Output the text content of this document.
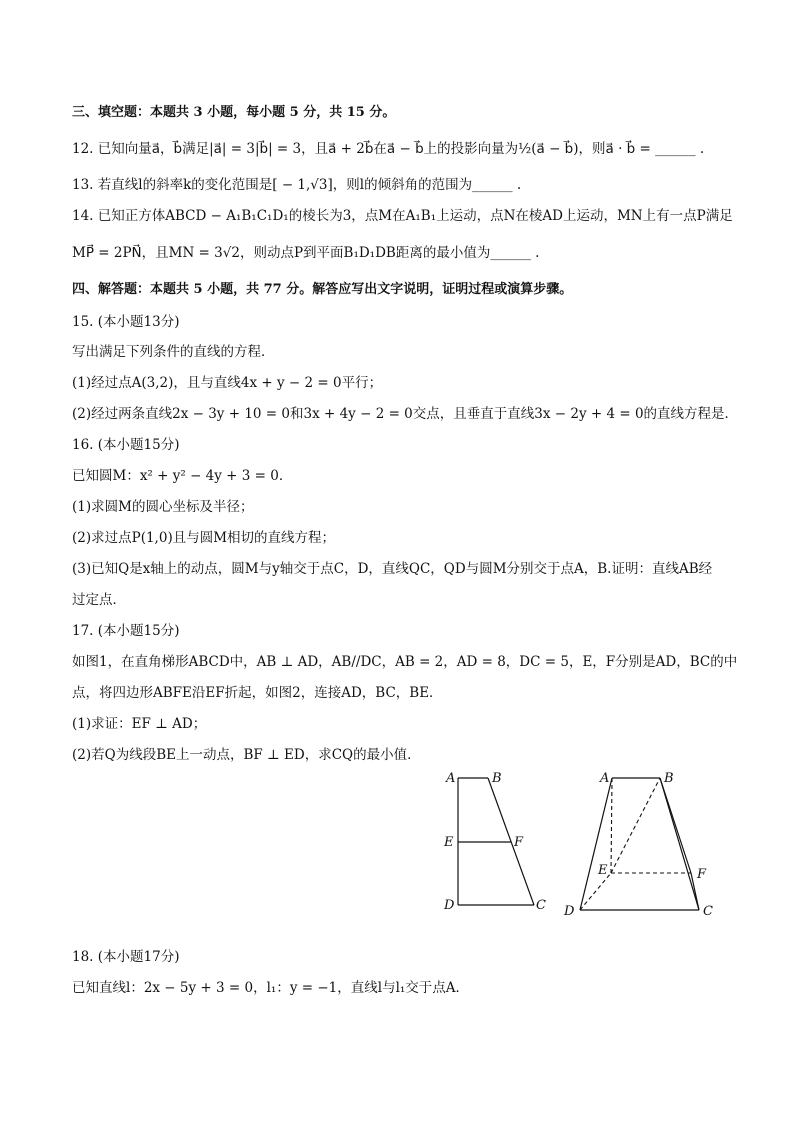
三、填空题：本题共 3 小题，每小题 5 分，共 15 分。
12. 已知向量a⃗，b⃗满足|a⃗| = 3|b⃗| = 3，且a⃗ + 2b⃗在a⃗ − b⃗上的投影向量为½(a⃗ − b⃗)，则a⃗ · b⃗ = ______ .
13. 若直线l的斜率k的变化范围是[ − 1,√3]，则l的倾斜角的范围为______ .
14. 已知正方体ABCD − A₁B₁C₁D₁的棱长为3，点M在A₁B₁上运动，点N在棱AD上运动，MN上有一点P满足
MP⃗ = 2PN⃗，且MN = 3√2，则动点P到平面B₁D₁DB距离的最小值为______ .
四、解答题：本题共 5 小题，共 77 分。解答应写出文字说明，证明过程或演算步骤。
15. (本小题13分)
写出满足下列条件的直线的方程．
(1)经过点A(3,2)，且与直线4x + y − 2 = 0平行；
(2)经过两条直线2x − 3y + 10 = 0和3x + 4y − 2 = 0交点，且垂直于直线3x − 2y + 4 = 0的直线方程是．
16. (本小题15分)
已知圆M：x² + y² − 4y + 3 = 0．
(1)求圆M的圆心坐标及半径；
(2)求过点P(1,0)且与圆M相切的直线方程；
(3)已知Q是x轴上的动点，圆M与y轴交于点C，D，直线QC，QD与圆M分别交于点A，B.证明：直线AB经
过定点．
17. (本小题15分)
如图1，在直角梯形ABCD中，AB ⊥ AD，AB//DC，AB = 2，AD = 8，DC = 5，E，F分别是AD，BC的中
点，将四边形ABFE沿EF折起，如图2，连接AD，BC，BE．
(1)求证：EF ⊥ AD；
(2)若Q为线段BE上一动点，BF ⊥ ED，求CQ的最小值．
A	B
E	F
D	C
A	B
E	F
D	C
18. (本小题17分)
已知直线l：2x − 5y + 3 = 0，l₁：y = −1，直线l与l₁交于点A．
